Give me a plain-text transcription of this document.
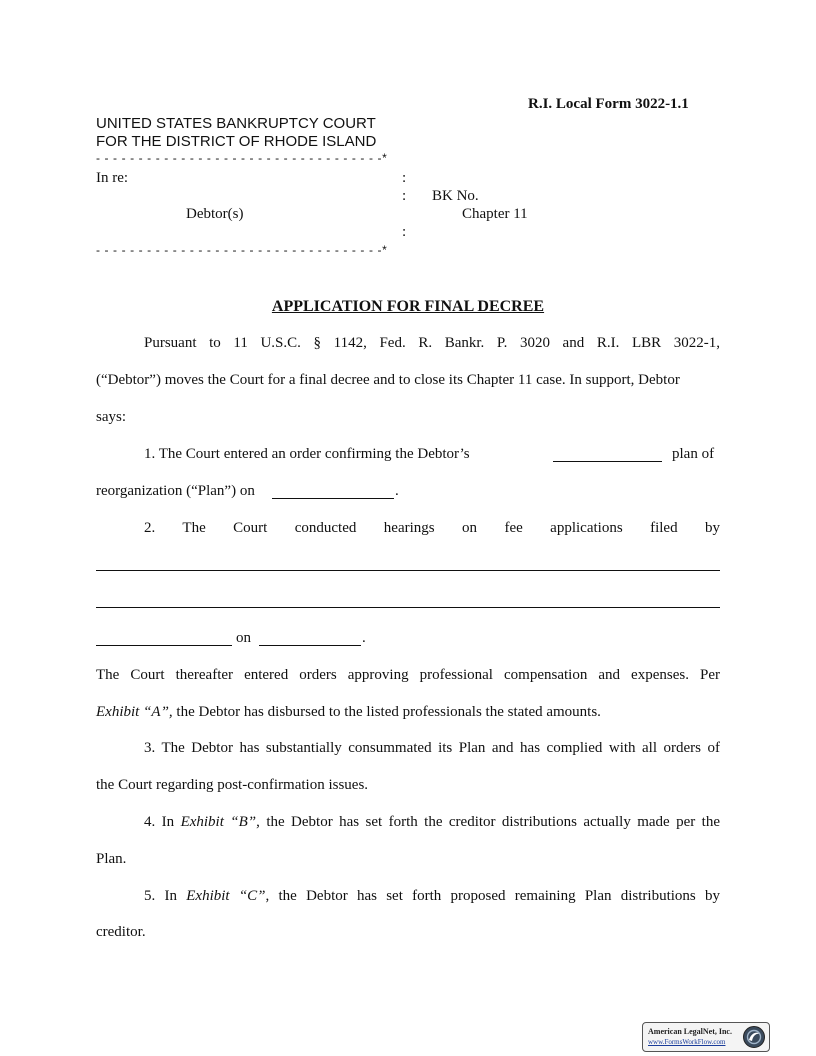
R.I. Local Form 3022-1.1
UNITED STATES BANKRUPTCY COURT
FOR THE DISTRICT OF RHODE ISLAND
- - - - - - - - - - - - - - - - - - - - - - - - - - - - - - - - - -*
In re:	:
: BK No.
Debtor(s)	Chapter 11
:
- - - - - - - - - - - - - - - - - - - - - - - - - - - - - - - - - -*
APPLICATION FOR FINAL DECREE
Pursuant to 11 U.S.C. § 1142, Fed. R. Bankr. P. 3020 and R.I. LBR 3022-1,
(“Debtor”) moves the Court for a final decree and to close its Chapter 11 case. In support, Debtor
says:
1. The Court entered an order confirming the Debtor’s	plan of
reorganization (“Plan”) on	.
2. The Court conducted hearings on fee applications filed by
on	.
The Court thereafter entered orders approving professional compensation and expenses. Per
Exhibit “A”, the Debtor has disbursed to the listed professionals the stated amounts.
3. The Debtor has substantially consummated its Plan and has complied with all orders of
the Court regarding post-confirmation issues.
4. In Exhibit “B”, the Debtor has set forth the creditor distributions actually made per the
Plan.
5. In Exhibit “C”, the Debtor has set forth proposed remaining Plan distributions by
creditor.
American LegalNet, Inc.
www.FormsWorkFlow.com
